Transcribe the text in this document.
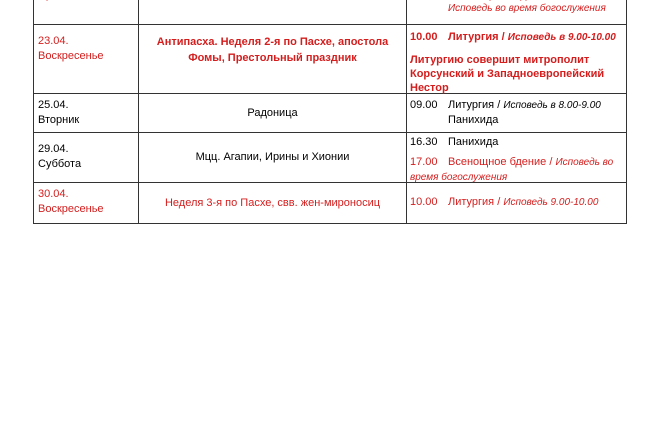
Исповедь во время богослужения
23.04.
Воскресенье
Антипасха. Неделя 2-я по Пасхе, апостола Фомы, Престольный праздник
10.00 Литургия / Исповедь в 9.00-10.00
Литургию совершит митрополит Корсунский и Западноевропейский Нестор
25.04.
Вторник
Радоница
09.00 Литургия / Исповедь в 8.00-9.00
Панихида
29.04.
Суббота
Мцц. Агапии, Ирины и Хионии
16.30 Панихида
17.00 Всенощное бдение / Исповедь во время богослужения
30.04.
Воскресенье	Неделя 3-я по Пасхе, свв. жен-мироносиц	10.00 Литургия / Исповедь 9.00-10.00
